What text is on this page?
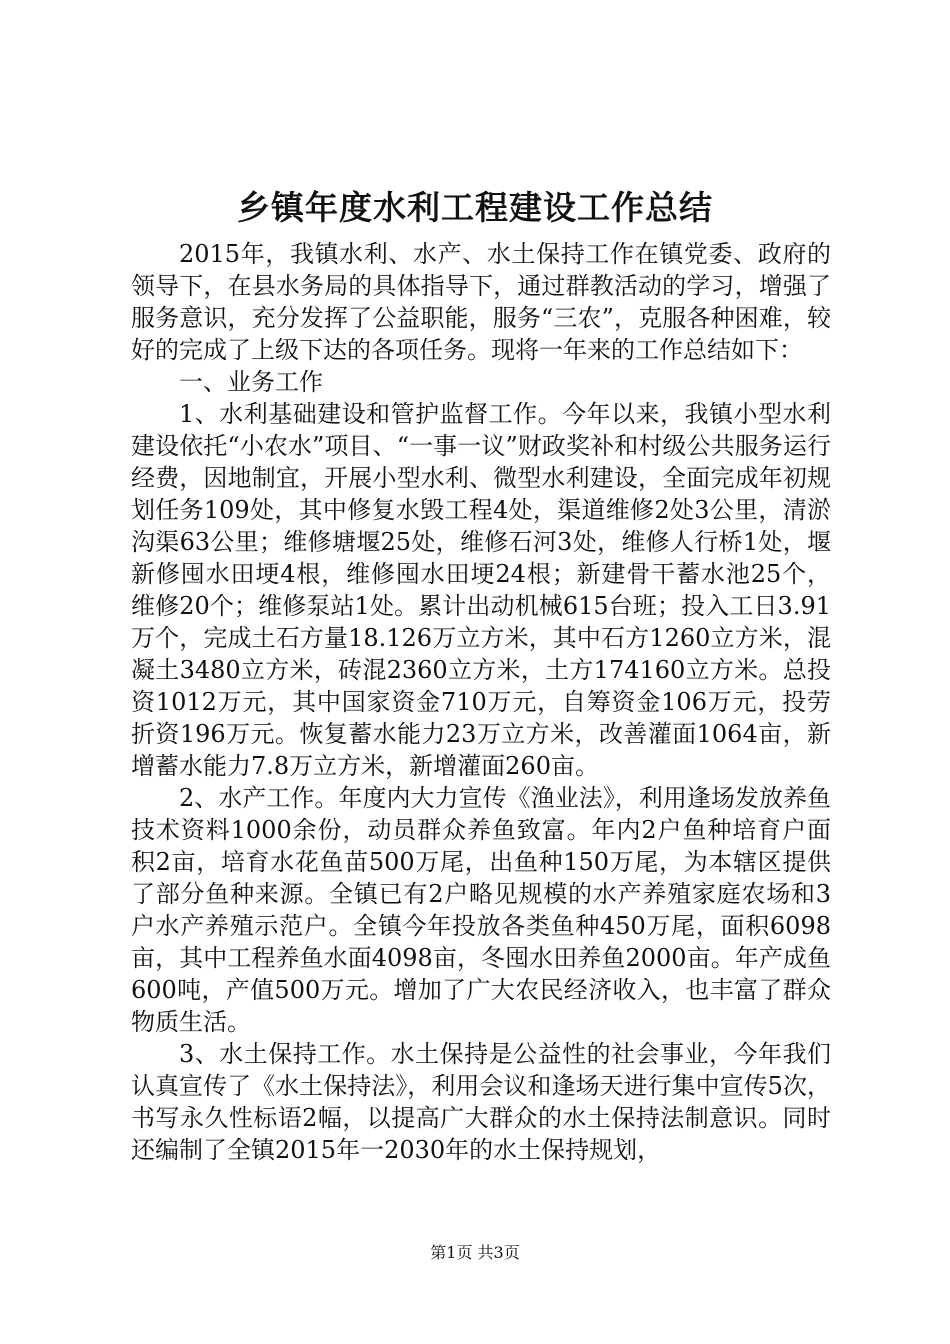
乡镇年度水利工程建设工作总结

2015年，我镇水利、水产、水土保持工作在镇党委、政府的领导下，在县水务局的具体指导下，通过群教活动的学习，增强了服务意识，充分发挥了公益职能，服务“三农”，克服各种困难，较好的完成了上级下达的各项任务。现将一年来的工作总结如下：

一、业务工作

1、水利基础建设和管护监督工作。今年以来，我镇小型水利建设依托“小农水”项目、“一事一议”财政奖补和村级公共服务运行经费，因地制宜，开展小型水利、微型水利建设，全面完成年初规划任务109处，其中修复水毁工程4处，渠道维修2处3公里，清淤沟渠63公里；维修塘堰25处，维修石河3处，维修人行桥1处，堰新修囤水田埂4根，维修囤水田埂24根；新建骨干蓄水池25个，维修20个；维修泵站1处。累计出动机械615台班；投入工日3.91万个，完成土石方量18.126万立方米，其中石方1260立方米，混凝土3480立方米，砖混2360立方米，土方174160立方米。总投资1012万元，其中国家资金710万元，自筹资金106万元，投劳折资196万元。恢复蓄水能力23万立方米，改善灌面1064亩，新增蓄水能力7.8万立方米，新增灌面260亩。

2、水产工作。年度内大力宣传《渔业法》，利用逢场发放养鱼技术资料1000余份，动员群众养鱼致富。年内2户鱼种培育户面积2亩，培育水花鱼苗500万尾，出鱼种150万尾，为本辖区提供了部分鱼种来源。全镇已有2户略见规模的水产养殖家庭农场和3户水产养殖示范户。全镇今年投放各类鱼种450万尾，面积6098亩，其中工程养鱼水面4098亩，冬囤水田养鱼2000亩。年产成鱼600吨，产值500万元。增加了广大农民经济收入，也丰富了群众物质生活。

3、水土保持工作。水土保持是公益性的社会事业，今年我们认真宣传了《水土保持法》，利用会议和逢场天进行集中宣传5次，书写永久性标语2幅，以提高广大群众的水土保持法制意识。同时还编制了全镇2015年一2030年的水土保持规划，

第1页 共3页
